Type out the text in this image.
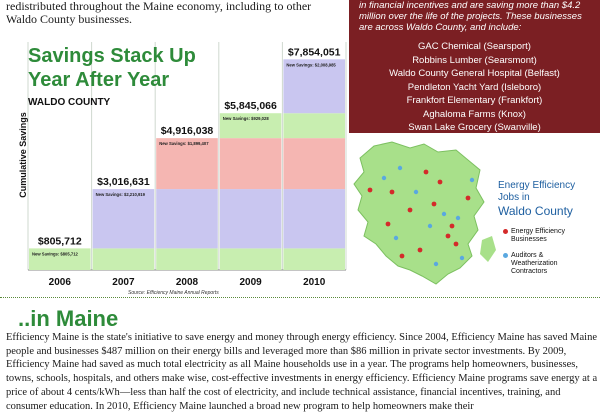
redistributed throughout the Maine economy, including to other Waldo County businesses.
New Savings: $805,712
$805,712
2006
New Savings: $2,210,919
$3,016,631
2007
New Savings: $1,899,407
$4,916,038
2008
New Savings: $929,028
$5,845,066
2009
New Savings: $2,008,985
$7,854,051
2010
Savings Stack Up
Year After Year
WALDO COUNTY
Cumulative Savings
Source: Efficiency Maine Annual Reports
in financial incentives and are saving more than $4.2 million over the life of the projects. These businesses are across Waldo County, and include:
GAC Chemical (Searsport)
Robbins Lumber (Searsmont)
Waldo County General Hospital (Belfast)
Pendleton Yacht Yard (Isleboro)
Frankfort Elementary (Frankfort)
Aghaloma Farms (Knox)
Swan Lake Grocery (Swanville)
Energy Efficiency
Jobs in
Waldo County
Energy Efficiency Businesses
Auditors & Weatherization Contractors
..in Maine
Efficiency Maine is the state's initiative to save energy and money through energy efficiency. Since 2004, Efficiency Maine has saved Maine people and businesses $487 million on their energy bills and leveraged more than $86 million in private sector investments. By 2009, Efficiency Maine had saved as much total electricity as all Maine households use in a year. The programs help homeowners, businesses, towns, schools, hospitals, and others make wise, cost-effective investments in energy efficiency. Efficiency Maine programs save energy at a price of about 4 cents/kWh—less than half the cost of electricity, and include technical assistance, financial incentives, training, and consumer education. In 2010, Efficiency Maine launched a broad new program to help homeowners make their
